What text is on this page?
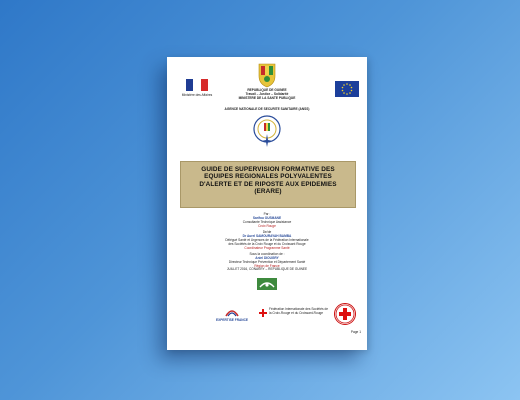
Ministère des Affaires
REPUBLIQUE DE GUINEE
Travail – Justice – Solidarité
MINISTERE DE LA SANTE PUBLIQUE
AGENCE NATIONALE DE SECURITE SANITAIRE (ANSS)
GUIDE DE SUPERVISION FORMATIVE DES
EQUIPES REGIONALES POLYVALENTES
D'ALERTE ET DE RIPOSTE AUX EPIDEMIES
(ERARE)

Par :

Sarifou OUSMANE

Consultante Technique Assistance

Croix Rouge

De/de

Dr Aurel SAMOURAYAH BAMBA

Délégué Santé et Urgences de la Fédération Internationale

des Sociétés de la Croix Rouge et du Croissant Rouge

Coordinateur Programme Santé

Sous la coordination de :

Aniel DIOUGRY

Directeur Technique Prévention et Département Santé

Région de France

JUILLET 2016, CONAKRY – REPUBLIQUE DE GUINEE
EXPERTISE FRANCE
Fédération Internationale des Sociétés de la Croix-Rouge et du Croissant-Rouge
Page 1
